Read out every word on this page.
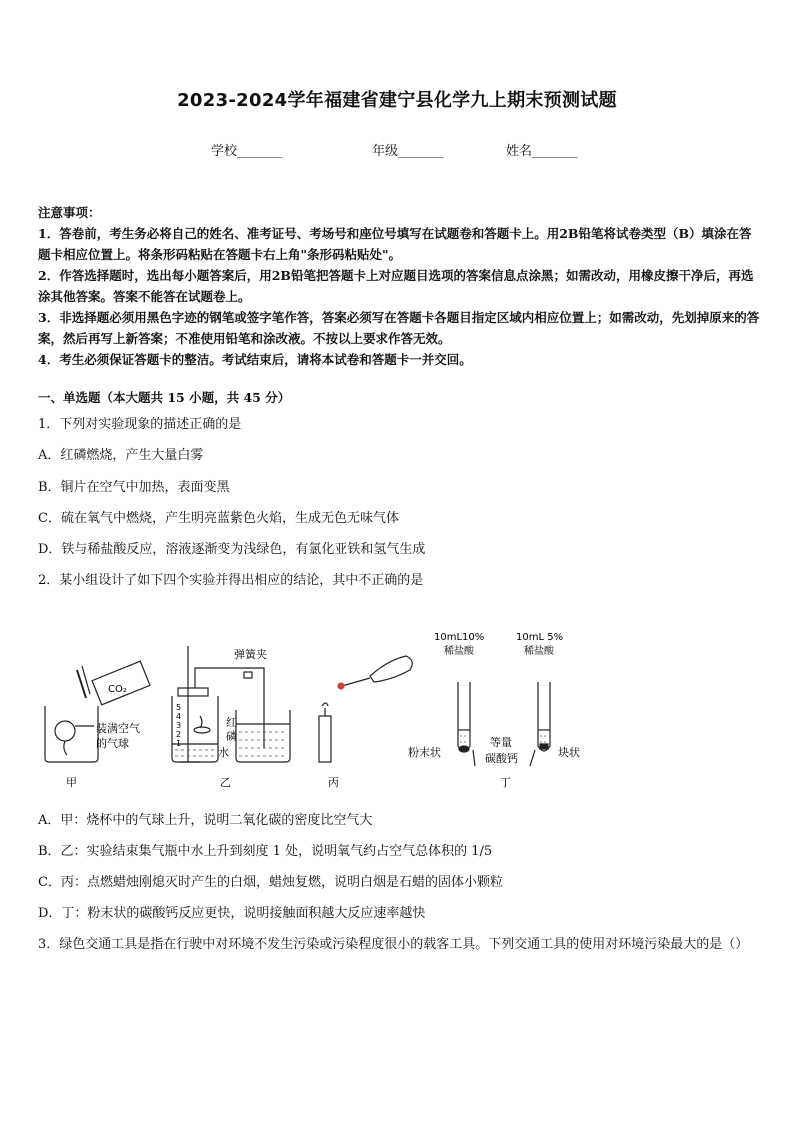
2023-2024学年福建省建宁县化学九上期末预测试题
学校_______	年级_______	姓名_______

注意事项：

1．答卷前，考生务必将自己的姓名、准考证号、考场号和座位号填写在试题卷和答题卡上。用2B铅笔将试卷类型（B）填涂在答题卡相应位置上。将条形码粘贴在答题卡右上角"条形码粘贴处"。

2．作答选择题时，选出每小题答案后，用2B铅笔把答题卡上对应题目选项的答案信息点涂黑；如需改动，用橡皮擦干净后，再选涂其他答案。答案不能答在试题卷上。

3．非选择题必须用黑色字迹的钢笔或签字笔作答，答案必须写在答题卡各题目指定区域内相应位置上；如需改动，先划掉原来的答案，然后再写上新答案；不准使用铅笔和涂改液。不按以上要求作答无效。

4．考生必须保证答题卡的整洁。考试结束后，请将本试卷和答题卡一并交回。

一、单选题（本大题共 15 小题，共 45 分）
1．下列对实验现象的描述正确的是
A．红磷燃烧，产生大量白雾
B．铜片在空气中加热，表面变黑
C．硫在氧气中燃烧，产生明亮蓝紫色火焰，生成无色无味气体
D．铁与稀盐酸反应，溶液逐渐变为浅绿色，有氯化亚铁和氢气生成
2．某小组设计了如下四个实验并得出相应的结论，其中不正确的是
CO₂
装满空气
的气球
甲
弹簧夹
5
4
3
2
1
红
磷
水
乙	丙
10mL10%
稀盐酸
10mL 5%
稀盐酸
等量
碳酸钙
粉末状	块状
丁
A．甲：烧杯中的气球上升，说明二氧化碳的密度比空气大
B．乙：实验结束集气瓶中水上升到刻度 1 处，说明氧气约占空气总体积的 1/5
C．丙：点燃蜡烛刚熄灭时产生的白烟，蜡烛复燃，说明白烟是石蜡的固体小颗粒
D．丁：粉末状的碳酸钙反应更快，说明接触面积越大反应速率越快
3．绿色交通工具是指在行驶中对环境不发生污染或污染程度很小的载客工具。下列交通工具的使用对环境污染最大的是（）
